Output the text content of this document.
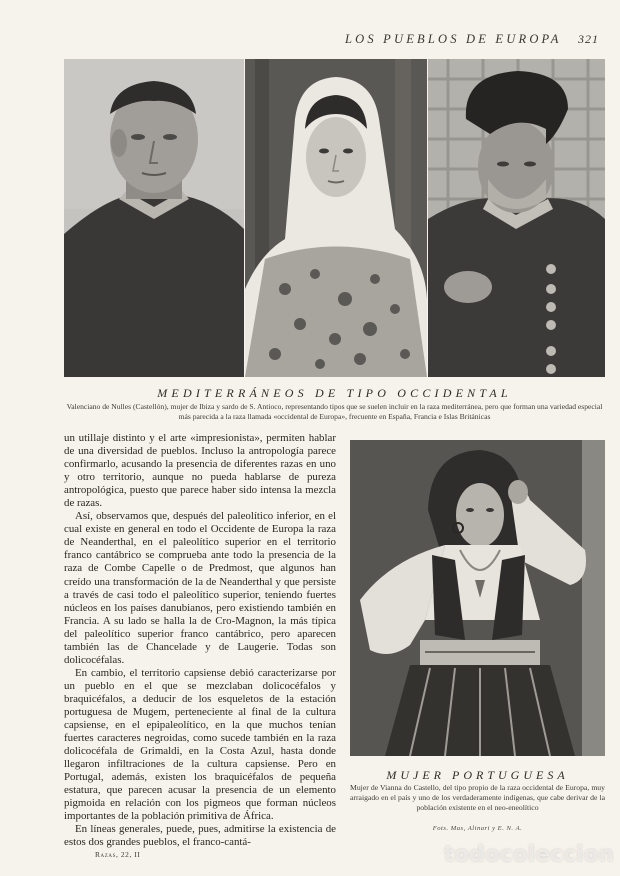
LOS PUEBLOS DE EUROPA	321
MEDITERRÁNEOS DE TIPO OCCIDENTAL
Valenciano de Nulles (Castellón), mujer de Ibiza y sardo de S. Antioco, representando tipos que se suelen incluir en la raza mediterránea, pero que forman una variedad especial más parecida a la raza llamada «occidental de Europa», frecuente en España, Francia e Islas Británicas

un utillaje distinto y el arte «impresionista», permiten hablar de una diversidad de pueblos. Incluso la antropología parece confirmarlo, acusando la presencia de diferentes razas en uno y otro territorio, aunque no pueda hablarse de pureza antropológica, puesto que parece haber sido intensa la mezcla de razas.

Así, observamos que, después del paleolítico inferior, en el cual existe en general en todo el Occidente de Europa la raza de Neanderthal, en el paleolítico superior en el territorio franco cantábrico se comprueba ante todo la presencia de la raza de Combe Capelle o de Predmost, que algunos han creído una transformación de la de Neanderthal y que persiste a través de casi todo el paleolítico superior, teniendo fuertes núcleos en los países danubianos, pero existiendo también en Francia. A su lado se halla la de Cro-Magnon, la más típica del paleolítico superior franco cantábrico, pero aparecen también las de Chancelade y de Laugerie. Todas son dolicocéfalas.

En cambio, el territorio capsiense debió caracterizarse por un pueblo en el que se mezclaban dolicocéfalos y braquicéfalos, a deducir de los esqueletos de la estación portuguesa de Mugem, perteneciente al final de la cultura capsiense, en el epipaleolítico, en la que muchos tenían fuertes caracteres negroidas, como sucede también en la raza dolicocéfala de Grimaldi, en la Costa Azul, hasta donde llegaron infiltraciones de la cultura capsiense. Pero en Portugal, además, existen los braquicéfalos de pequeña estatura, que parecen acusar la presencia de un elemento pigmoida en relación con los pigmeos que forman núcleos importantes de la población primitiva de África.

En líneas generales, puede, pues, admitirse la existencia de estos dos grandes pueblos, el franco-cantá-

MUJER PORTUGUESA
Mujer de Vianna do Castello, del tipo propio de la raza occidental de Europa, muy arraigado en el país y uno de los verdaderamente indígenas, que cabe derivar de la población existente en el neo-eneolítico
Fots. Mas, Alinari y E. N. A.
Razas, 22, II	todocoleccion
